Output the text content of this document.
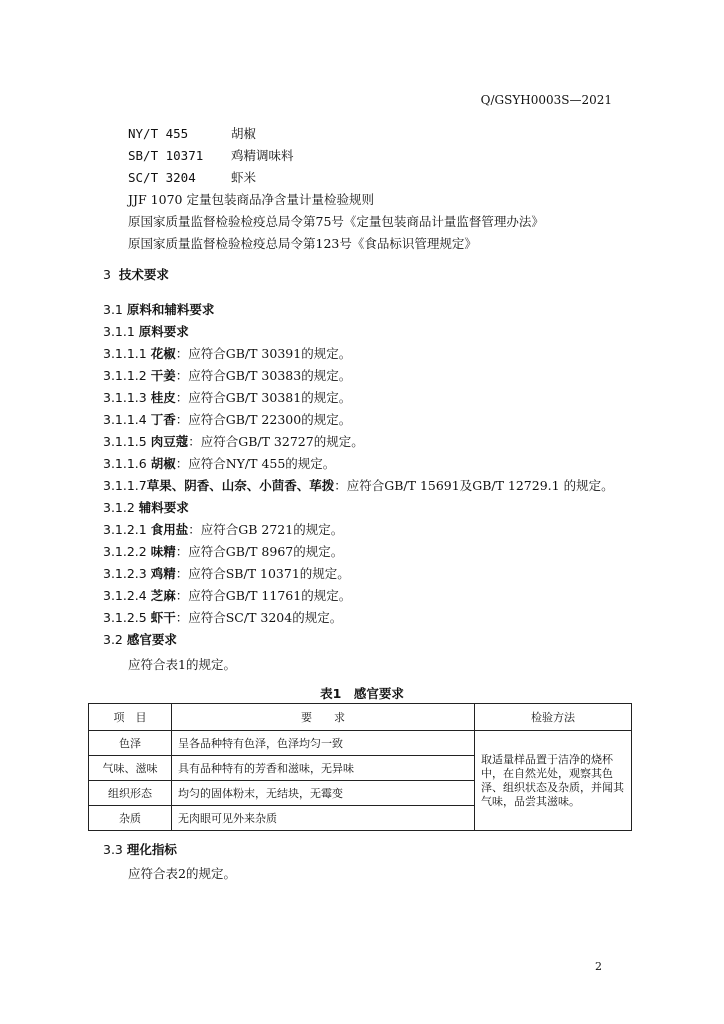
Q/GSYH0003S—2021
NY/T 455	胡椒
SB/T 10371 鸡精调味料
SC/T 3204	虾米
JJF 1070 定量包装商品净含量计量检验规则
原国家质量监督检验检疫总局令第75号《定量包装商品计量监督管理办法》
原国家质量监督检验检疫总局令第123号《食品标识管理规定》
3 技术要求
3.1 原料和辅料要求
3.1.1 原料要求
3.1.1.1 花椒：应符合GB/T 30391的规定。
3.1.1.2 干姜：应符合GB/T 30383的规定。
3.1.1.3 桂皮：应符合GB/T 30381的规定。
3.1.1.4 丁香：应符合GB/T 22300的规定。
3.1.1.5 肉豆蔻：应符合GB/T 32727的规定。
3.1.1.6 胡椒：应符合NY/T 455的规定。
3.1.1.7草果、阴香、山奈、小茴香、荜拨：应符合GB/T 15691及GB/T 12729.1 的规定。
3.1.2 辅料要求
3.1.2.1 食用盐：应符合GB 2721的规定。
3.1.2.2 味精：应符合GB/T 8967的规定。
3.1.2.3 鸡精：应符合SB/T 10371的规定。
3.1.2.4 芝麻：应符合GB/T 11761的规定。
3.1.2.5 虾干：应符合SC/T 3204的规定。
3.2 感官要求
应符合表1的规定。
表1　感官要求
项　目	要　　求	检验方法
色泽	呈各品种特有色泽，色泽均匀一致	取适量样品置于洁净的烧杯中，在自然光处，观察其色泽、组织状态及杂质，并闻其气味，品尝其滋味。
气味、滋味	具有品种特有的芳香和滋味，无异味	
组织形态	均匀的固体粉末，无结块，无霉变	
杂质	无肉眼可见外来杂质	
3.3 理化指标
应符合表2的规定。
2
